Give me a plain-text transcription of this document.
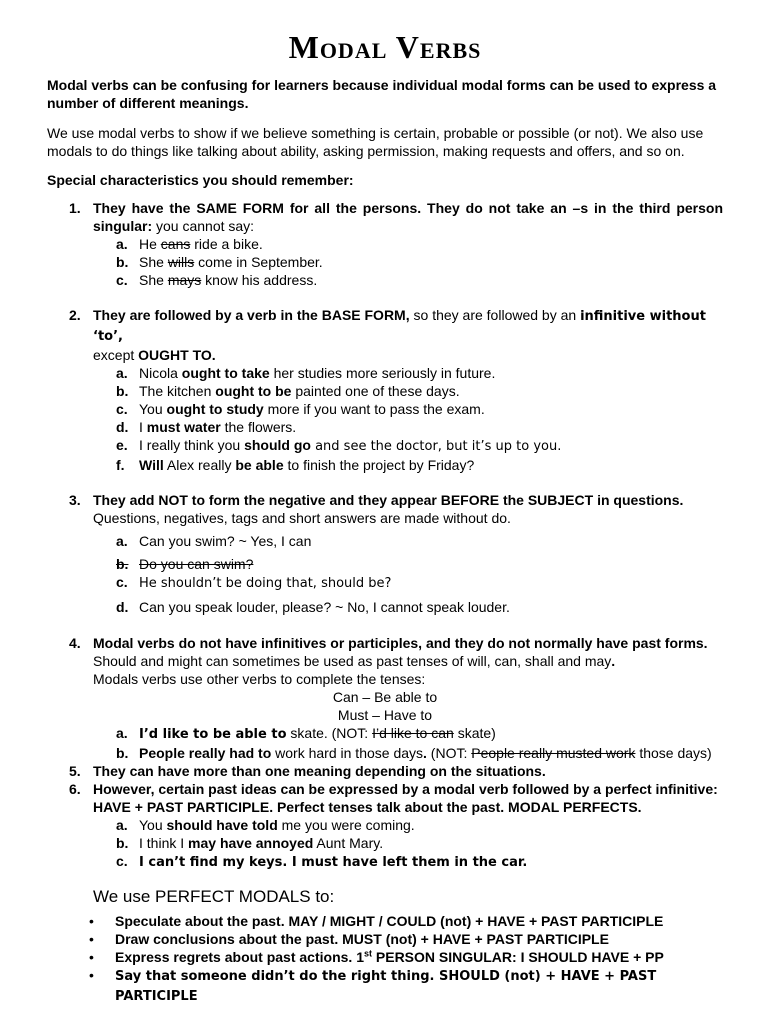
Modal Verbs

Modal verbs can be confusing for learners because individual modal forms can be used to express a number of different meanings.

We use modal verbs to show if we believe something is certain, probable or possible (or not). We also use modals to do things like talking about ability, asking permission, making requests and offers, and so on.

Special characteristics you should remember:

1. They have the SAME FORM for all the persons. They do not take an –s in the third person singular: you cannot say:
a. He cans ride a bike.
b. She wills come in September.
c. She mays know his address.
2. They are followed by a verb in the BASE FORM, so they are followed by an infinitive without ‘to’,
except OUGHT TO.
a. Nicola ought to take her studies more seriously in future.
b. The kitchen ought to be painted one of these days.
c. You ought to study more if you want to pass the exam.
d. I must water the flowers.
e. I really think you should go and see the doctor, but it’s up to you.
f. Will Alex really be able to finish the project by Friday?
3. They add NOT to form the negative and they appear BEFORE the SUBJECT in questions.
Questions, negatives, tags and short answers are made without do.
a. Can you swim? ~ Yes, I can
b. Do you can swim?
c. He shouldn’t be doing that, should be?
d. Can you speak louder, please? ~ No, I cannot speak louder.
4. Modal verbs do not have infinitives or participles, and they do not normally have past forms.
Should and might can sometimes be used as past tenses of will, can, shall and may.
Modals verbs use other verbs to complete the tenses:
Can – Be able to
Must – Have to
a. I’d like to be able to skate. (NOT: I’d like to can skate)
b. People really had to work hard in those days. (NOT: People really musted work those days)
5. They can have more than one meaning depending on the situations.
6. However, certain past ideas can be expressed by a modal verb followed by a perfect infinitive:
HAVE + PAST PARTICIPLE. Perfect tenses talk about the past. MODAL PERFECTS.
a. You should have told me you were coming.
b. I think I may have annoyed Aunt Mary.
c. I can’t find my keys. I must have left them in the car.
We use PERFECT MODALS to:
• Speculate about the past. MAY / MIGHT / COULD (not) + HAVE + PAST PARTICIPLE
• Draw conclusions about the past. MUST (not) + HAVE + PAST PARTICIPLE
• Express regrets about past actions. 1st PERSON SINGULAR: I SHOULD HAVE + PP
• Say that someone didn’t do the right thing. SHOULD (not) + HAVE + PAST PARTICIPLE
